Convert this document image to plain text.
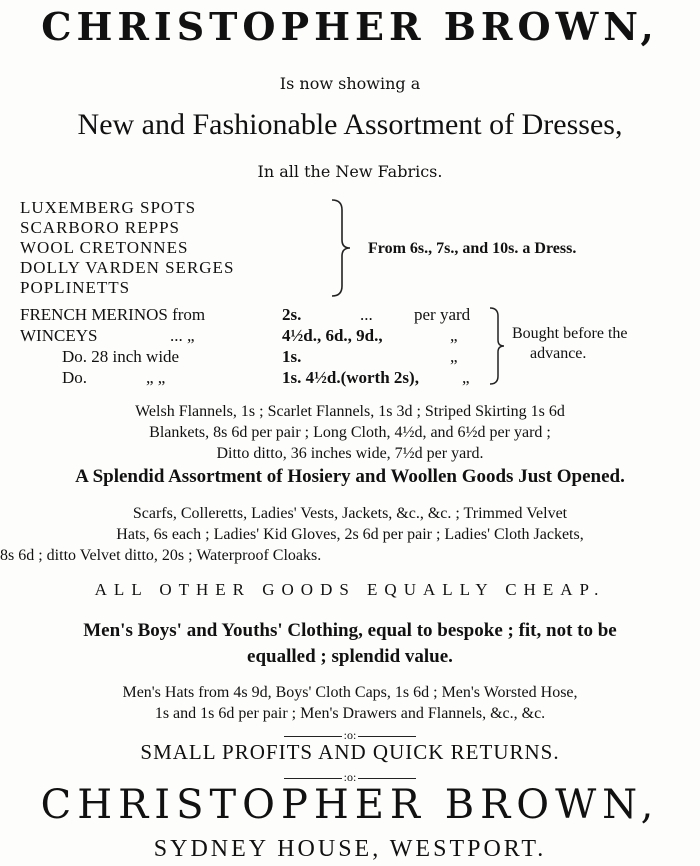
CHRISTOPHER BROWN,
Is now showing a
New and Fashionable Assortment of Dresses,
In all the New Fabrics.
LUXEMBERG SPOTS
SCARBORO REPPS
WOOL CRETONNES
DOLLY VARDEN SERGES
POPLINETTS
From 6s., 7s., and 10s. a Dress.
FRENCH MERINOS from	2s.	... per yard
WINCEYS	... „	4½d., 6d., 9d.,	„
Do. 28 inch wide	1s.	„
Do.	„ „	1s. 4½d.(worth 2s),	„
Bought before the
advance.
Welsh Flannels, 1s ; Scarlet Flannels, 1s 3d ; Striped Skirting 1s 6d
Blankets, 8s 6d per pair ; Long Cloth, 4½d, and 6½d per yard ;
Ditto ditto, 36 inches wide, 7½d per yard.
A Splendid Assortment of Hosiery and Woollen Goods Just Opened.
Scarfs, Colleretts, Ladies' Vests, Jackets, &c., &c. ; Trimmed Velvet
Hats, 6s each ; Ladies' Kid Gloves, 2s 6d per pair ; Ladies' Cloth Jackets,
8s 6d ; ditto Velvet ditto, 20s ; Waterproof Cloaks.
ALL OTHER GOODS EQUALLY CHEAP.
Men's Boys' and Youths' Clothing, equal to bespoke ; fit, not to be
equalled ; splendid value.
Men's Hats from 4s 9d, Boys' Cloth Caps, 1s 6d ; Men's Worsted Hose,
1s and 1s 6d per pair ; Men's Drawers and Flannels, &c., &c.
:o:
SMALL PROFITS AND QUICK RETURNS.
:o:
CHRISTOPHER BROWN,
SYDNEY HOUSE, WESTPORT.
